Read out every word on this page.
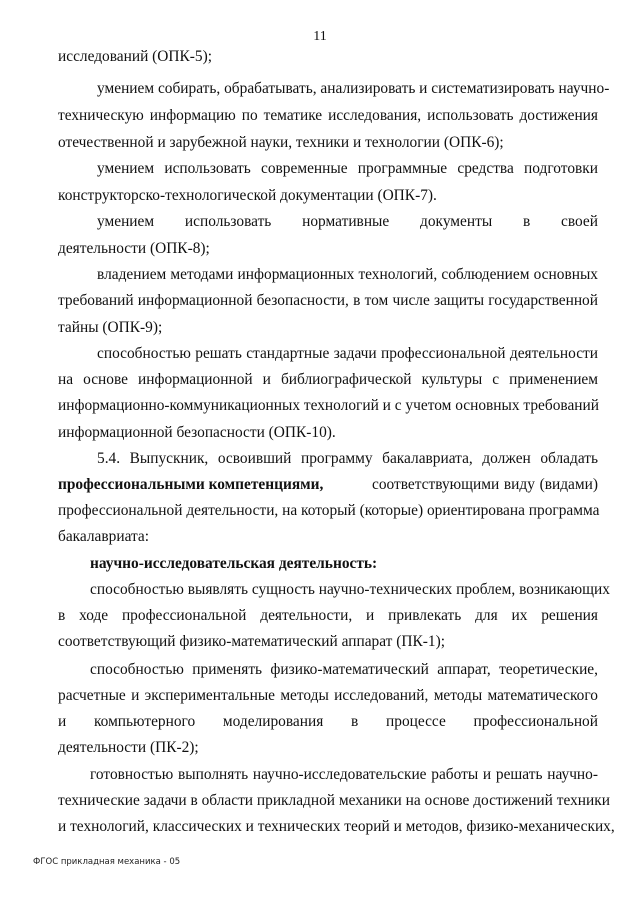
11
исследований (ОПК-5);
умением собирать, обрабатывать, анализировать и систематизировать научно-
техническую информацию по тематике исследования, использовать достижения
отечественной и зарубежной науки, техники и технологии (ОПК-6);
умением использовать современные программные средства подготовки
конструкторско-технологической документации (ОПК-7).
умением использовать нормативные документы в своей
деятельности (ОПК-8);
владением методами информационных технологий, соблюдением основных
требований информационной безопасности, в том числе защиты государственной
тайны (ОПК-9);
способностью решать стандартные задачи профессиональной деятельности
на основе информационной и библиографической культуры с применением
информационно-коммуникационных технологий и с учетом основных требований
информационной безопасности (ОПК-10).
5.4. Выпускник, освоивший программу бакалавриата, должен обладать
профессиональными компетенциями,	соответствующими виду (видами)
профессиональной деятельности, на который (которые) ориентирована программа
бакалавриата:
научно-исследовательская деятельность:
способностью выявлять сущность научно-технических проблем, возникающих
в ходе профессиональной деятельности, и привлекать для их решения
соответствующий физико-математический аппарат (ПК-1);
способностью применять физико-математический аппарат, теоретические,
расчетные и экспериментальные методы исследований, методы математического
и компьютерного моделирования в процессе профессиональной
деятельности (ПК-2);
готовностью выполнять научно-исследовательские работы и решать научно-
технические задачи в области прикладной механики на основе достижений техники
и технологий, классических и технических теорий и методов, физико-механических,
ФГОС прикладная механика - 05
